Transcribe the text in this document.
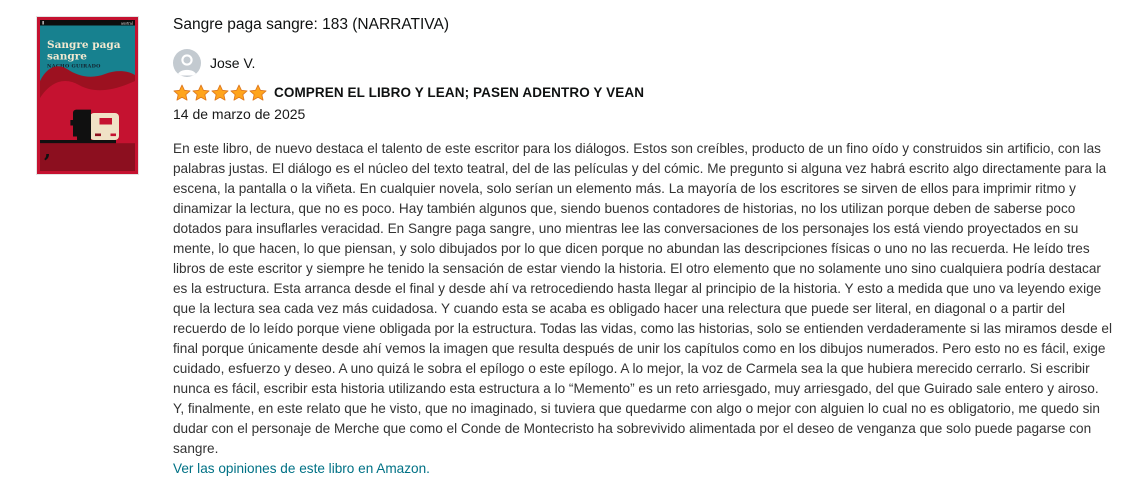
austral
Sangre paga
sangre
NACHO GUIRADO
,
Sangre paga sangre: 183 (NARRATIVA)
Jose V.
COMPREN EL LIBRO Y LEAN; PASEN ADENTRO Y VEAN
14 de marzo de 2025
En este libro, de nuevo destaca el talento de este escritor para los diálogos. Estos son creíbles, producto de un fino oído y construidos sin artificio, con las palabras justas. El diálogo es el núcleo del texto teatral, del de las películas y del cómic. Me pregunto si alguna vez habrá escrito algo directamente para la escena, la pantalla o la viñeta. En cualquier novela, solo serían un elemento más. La mayoría de los escritores se sirven de ellos para imprimir ritmo y dinamizar la lectura, que no es poco. Hay también algunos que, siendo buenos contadores de historias, no los utilizan porque deben de saberse poco dotados para insuflarles veracidad. En Sangre paga sangre, uno mientras lee las conversaciones de los personajes los está viendo proyectados en su mente, lo que hacen, lo que piensan, y solo dibujados por lo que dicen porque no abundan las descripciones físicas o uno no las recuerda. He leído tres libros de este escritor y siempre he tenido la sensación de estar viendo la historia. El otro elemento que no solamente uno sino cualquiera podría destacar es la estructura. Esta arranca desde el final y desde ahí va retrocediendo hasta llegar al principio de la historia. Y esto a medida que uno va leyendo exige que la lectura sea cada vez más cuidadosa. Y cuando esta se acaba es obligado hacer una relectura que puede ser literal, en diagonal o a partir del recuerdo de lo leído porque viene obligada por la estructura. Todas las vidas, como las historias, solo se entienden verdaderamente si las miramos desde el final porque únicamente desde ahí vemos la imagen que resulta después de unir los capítulos como en los dibujos numerados. Pero esto no es fácil, exige cuidado, esfuerzo y deseo. A uno quizá le sobra el epílogo o este epílogo. A lo mejor, la voz de Carmela sea la que hubiera merecido cerrarlo. Si escribir nunca es fácil, escribir esta historia utilizando esta estructura a lo “Memento” es un reto arriesgado, muy arriesgado, del que Guirado sale entero y airoso. Y, finalmente, en este relato que he visto, que no imaginado, si tuviera que quedarme con algo o mejor con alguien lo cual no es obligatorio, me quedo sin dudar con el personaje de Merche que como el Conde de Montecristo ha sobrevivido alimentada por el deseo de venganza que solo puede pagarse con sangre.
Ver las opiniones de este libro en Amazon.
